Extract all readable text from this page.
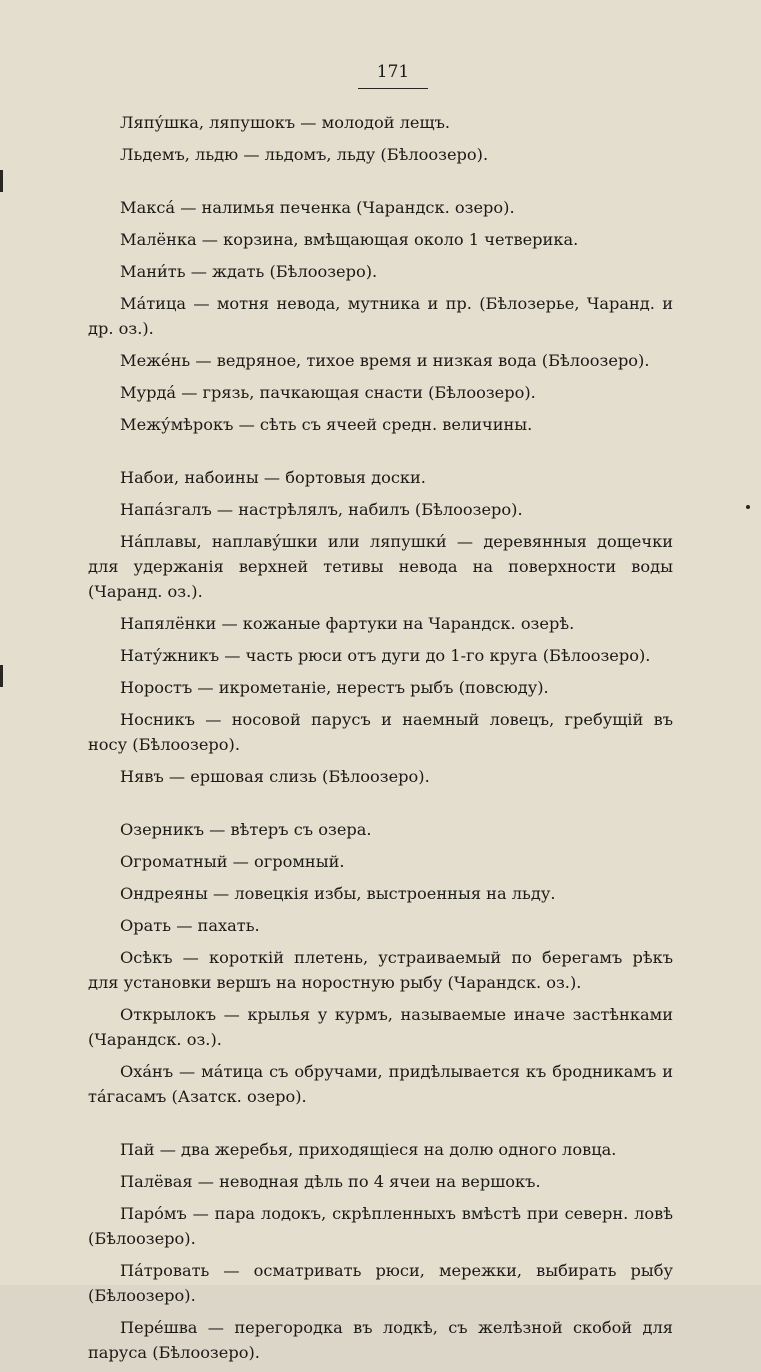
171

Ляпу́шка, ляпушокъ — молодой лещъ.

Льдемъ, льдю — льдомъ, льду (Бѣлоозеро).

Макса́ — налимья печенка (Чарандск. озеро).

Малёнка — корзина, вмѣщающая около 1 четверика.

Мани́ть — ждать (Бѣлоозеро).

Ма́тица — мотня невода, мутника и пр. (Бѣлозерье, Чаранд. и др. оз.).

Межéнь — ведряное, тихое время и низкая вода (Бѣлоозеро).

Мурда́ — грязь, пачкающая снасти (Бѣлоозеро).

Межу́мѣрокъ — сѣть съ ячеей средн. величины.

Набои, набоины — бортовыя доски.

Напа́згалъ — настрѣлялъ, набилъ (Бѣлоозеро).

На́плавы, наплаву́шки или ляпушки́ — деревянныя дощечки для удержанія верхней тетивы невода на поверхности воды (Чаранд. оз.).

Напялёнки — кожаные фартуки на Чарандск. озерѣ.

Нату́жникъ — часть рюси отъ дуги до 1-го круга (Бѣлоозеро).

Норостъ — икрометаніе, нерестъ рыбъ (повсюду).

Носникъ — носовой парусъ и наемный ловецъ, гребущій въ носу (Бѣлоозеро).

Нявъ — ершовая слизь (Бѣлоозеро).

Озерникъ — вѣтеръ съ озера.

Огроматный — огромный.

Ондреяны — ловецкія избы, выстроенныя на льду.

Орать — пахать.

Осѣкъ — короткій плетень, устраиваемый по берегамъ рѣкъ для установки вершъ на норостную рыбу (Чарандск. оз.).

Открылокъ — крылья у курмъ, называемые иначе застѣнками (Чарандск. оз.).

Оха́нъ — ма́тица съ обручами, придѣлывается къ бродникамъ и та́гасамъ (Азатск. озеро).

Пай — два жеребья, приходящіеся на долю одного ловца.

Палёвая — неводная дѣль по 4 ячеи на вершокъ.

Паро́мъ — пара лодокъ, скрѣпленныхъ вмѣстѣ при северн. ловѣ (Бѣлоозеро).

Па́тровать — осматривать рюси, мережки, выбирать рыбу (Бѣлоозеро).

Перéшва — перегородка въ лодкѣ, съ желѣзной скобой для паруса (Бѣлоозеро).
